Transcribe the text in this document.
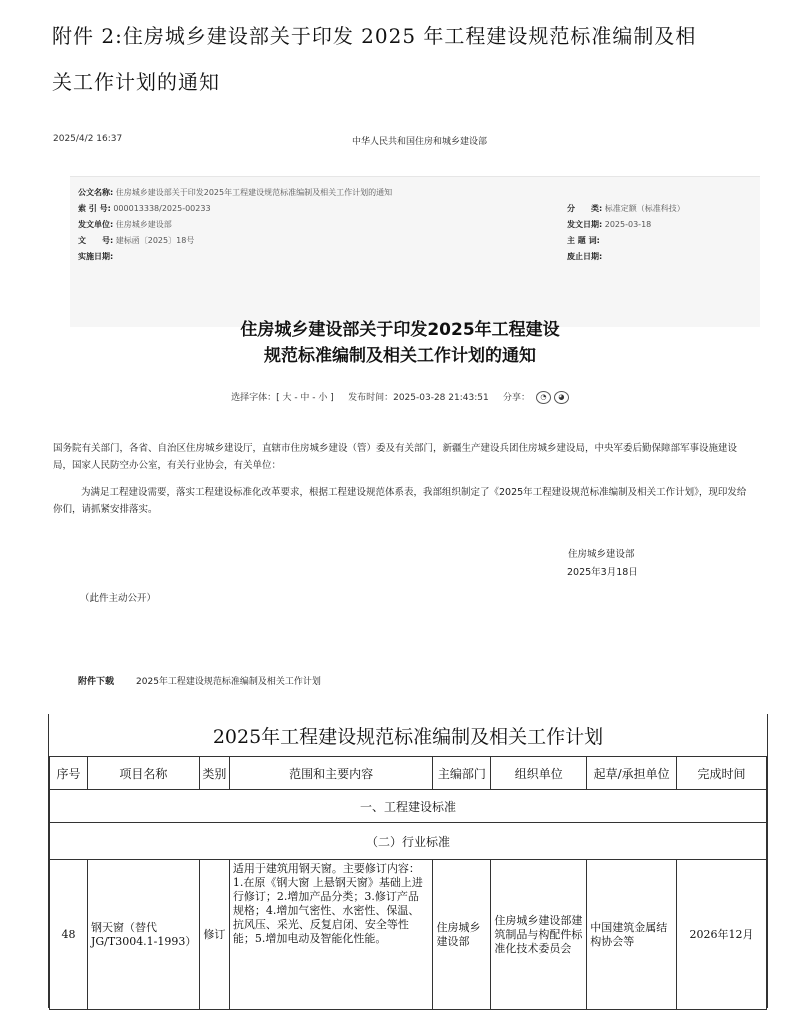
附件 2:住房城乡建设部关于印发 2025 年工程建设规范标准编制及相
关工作计划的通知
2025/4/2 16:37	中华人民共和国住房和城乡建设部
公文名称: 住房城乡建设部关于印发2025年工程建设规范标准编制及相关工作计划的通知
索 引 号: 000013338/2025-00233	分　　类: 标准定额（标准科技）
发文单位: 住房城乡建设部	发文日期: 2025-03-18
文　　号: 建标函〔2025〕18号	主 题 词:
实施日期:	废止日期:
住房城乡建设部关于印发2025年工程建设
规范标准编制及相关工作计划的通知
选择字体：[ 大 - 中 - 小 ] 发布时间：2025-03-28 21:43:51 分享： ◔ ◕
国务院有关部门，各省、自治区住房城乡建设厅，直辖市住房城乡建设（管）委及有关部门，新疆生产建设兵团住房城乡建设局，中央军委后勤保障部军事设施建设局，国家人民防空办公室，有关行业协会，有关单位：
为满足工程建设需要，落实工程建设标准化改革要求，根据工程建设规范体系表，我部组织制定了《2025年工程建设规范标准编制及相关工作计划》，现印发给你们，请抓紧安排落实。
住房城乡建设部
2025年3月18日
（此件主动公开）
附件下载 2025年工程建设规范标准编制及相关工作计划
2025年工程建设规范标准编制及相关工作计划
序号	项目名称	类别	范围和主要内容	主编部门	组织单位	起草/承担单位	完成时间
一、工程建设标准							
（二）行业标准							
48	钢天窗（替代JG/T3004.1-1993）	修订	适用于建筑用钢天窗。主要修订内容：1.在原《钢大窗 上悬钢天窗》基础上进行修订；2.增加产品分类；3.修订产品规格；4.增加气密性、水密性、保温、抗风压、采光、反复启闭、安全等性能；5.增加电动及智能化性能。	住房城乡建设部	住房城乡建设部建筑制品与构配件标准化技术委员会	中国建筑金属结构协会等	2026年12月
